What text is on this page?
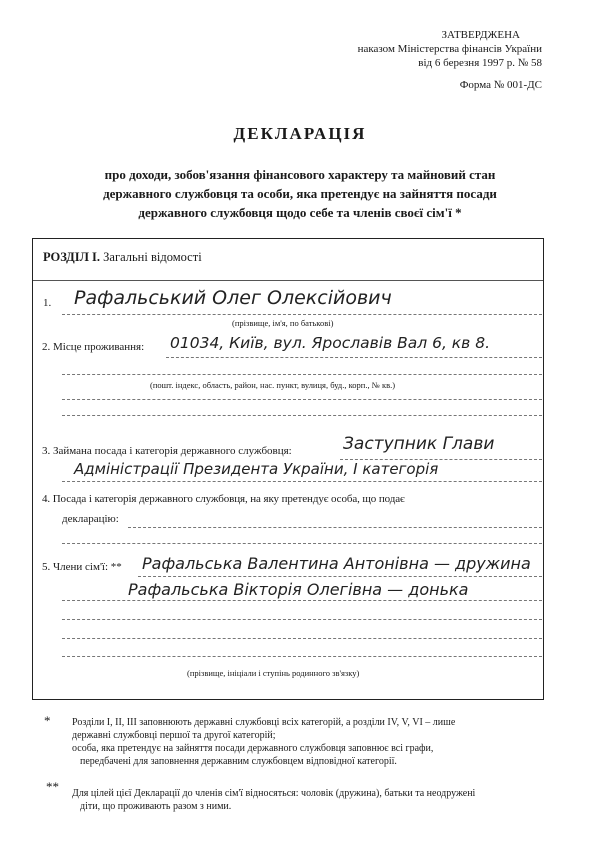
ЗАТВЕРДЖЕНА
наказом Міністерства фінансів України
від 6 березня 1997 р. № 58
Форма № 001-ДС
ДЕКЛАРАЦІЯ
про доходи, зобов'язання фінансового характеру та майновий стан
державного службовця та особи, яка претендує на зайняття посади
державного службовця щодо себе та членів своєї сім'ї *
РОЗДІЛ І. Загальні відомості
1. Рафальський Олег Олексійович
(прізвище, ім'я, по батькові)
2. Місце проживання: 01034, Київ, вул. Ярославів Вал 6, кв 8.
(пошт. індекс, область, район, нас. пункт, вулиця, буд., корп., № кв.)
3. Займана посада і категорія державного службовця:	Заступник Глави
Адміністрації Президента України, I категорія
4. Посада і категорія державного службовця, на яку претендує особа, що подає
декларацію:
5. Члени сім'ї: ** Рафальська Валентина Антонівна — дружина
Рафальська Вікторія Олегівна — донька
(прізвище, ініціали і ступінь родинного зв'язку)
* Розділи І, ІІ, ІІІ заповнюють державні службовці всіх категорій, а розділи IV, V, VI – лише
державні службовці першої та другої категорій;
особа, яка претендує на зайняття посади державного службовця заповнює всі графи,
передбачені для заповнення державним службовцем відповідної категорії.
** Для цілей цієї Декларації до членів сім'ї відносяться: чоловік (дружина), батьки та неодружені
діти, що проживають разом з ними.
